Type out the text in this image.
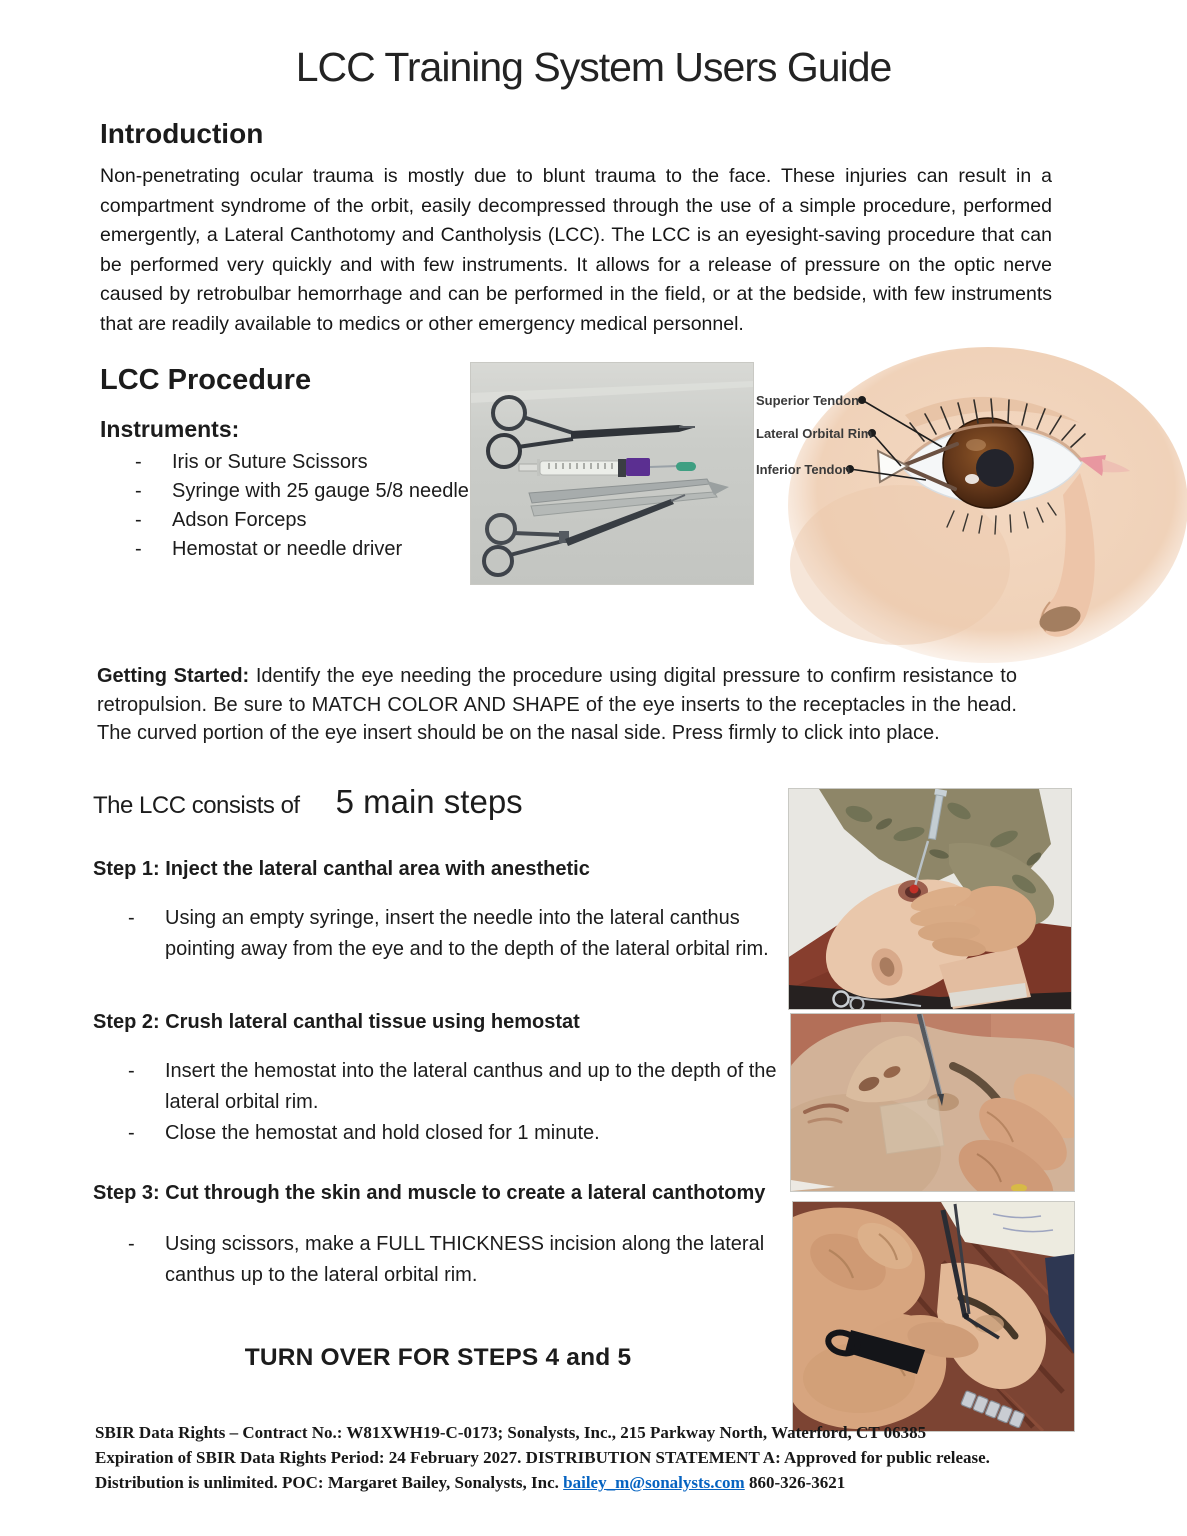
LCC Training System Users Guide
Introduction
Non-penetrating ocular trauma is mostly due to blunt trauma to the face. These injuries can result in a compartment syndrome of the orbit, easily decompressed through the use of a simple procedure, performed emergently, a Lateral Canthotomy and Cantholysis (LCC). The LCC is an eyesight-saving procedure that can be performed very quickly and with few instruments. It allows for a release of pressure on the optic nerve caused by retrobulbar hemorrhage and can be performed in the field, or at the bedside, with few instruments that are readily available to medics or other emergency medical personnel.
LCC Procedure
Instruments:
-
Iris or Suture Scissors
-
Syringe with 25 gauge 5/8 needle
-
Adson Forceps
-
Hemostat or needle driver
Superior Tendon
Lateral Orbital Rim
Inferior Tendon
Getting Started: Identify the eye needing the procedure using digital pressure to confirm resistance to retropulsion. Be sure to MATCH COLOR AND SHAPE of the eye inserts to the receptacles in the head. The curved portion of the eye insert should be on the nasal side. Press firmly to click into place.
The LCC consists of 5 main steps
Step 1: Inject the lateral canthal area with anesthetic
-
Using an empty syringe, insert the needle into the lateral canthus pointing away from the eye and to the depth of the lateral orbital rim.
Step 2: Crush lateral canthal tissue using hemostat
-
Insert the hemostat into the lateral canthus and up to the depth of the lateral orbital rim.
-
Close the hemostat and hold closed for 1 minute.
Step 3: Cut through the skin and muscle to create a lateral canthotomy
-
Using scissors, make a FULL THICKNESS incision along the lateral canthus up to the lateral orbital rim.
TURN OVER FOR STEPS 4 and 5
SBIR Data Rights – Contract No.: W81XWH19-C-0173; Sonalysts, Inc., 215 Parkway North, Waterford, CT 06385
Expiration of SBIR Data Rights Period: 24 February 2027. DISTRIBUTION STATEMENT A: Approved for public release.
Distribution is unlimited. POC: Margaret Bailey, Sonalysts, Inc. bailey_m@sonalysts.com 860-326-3621
